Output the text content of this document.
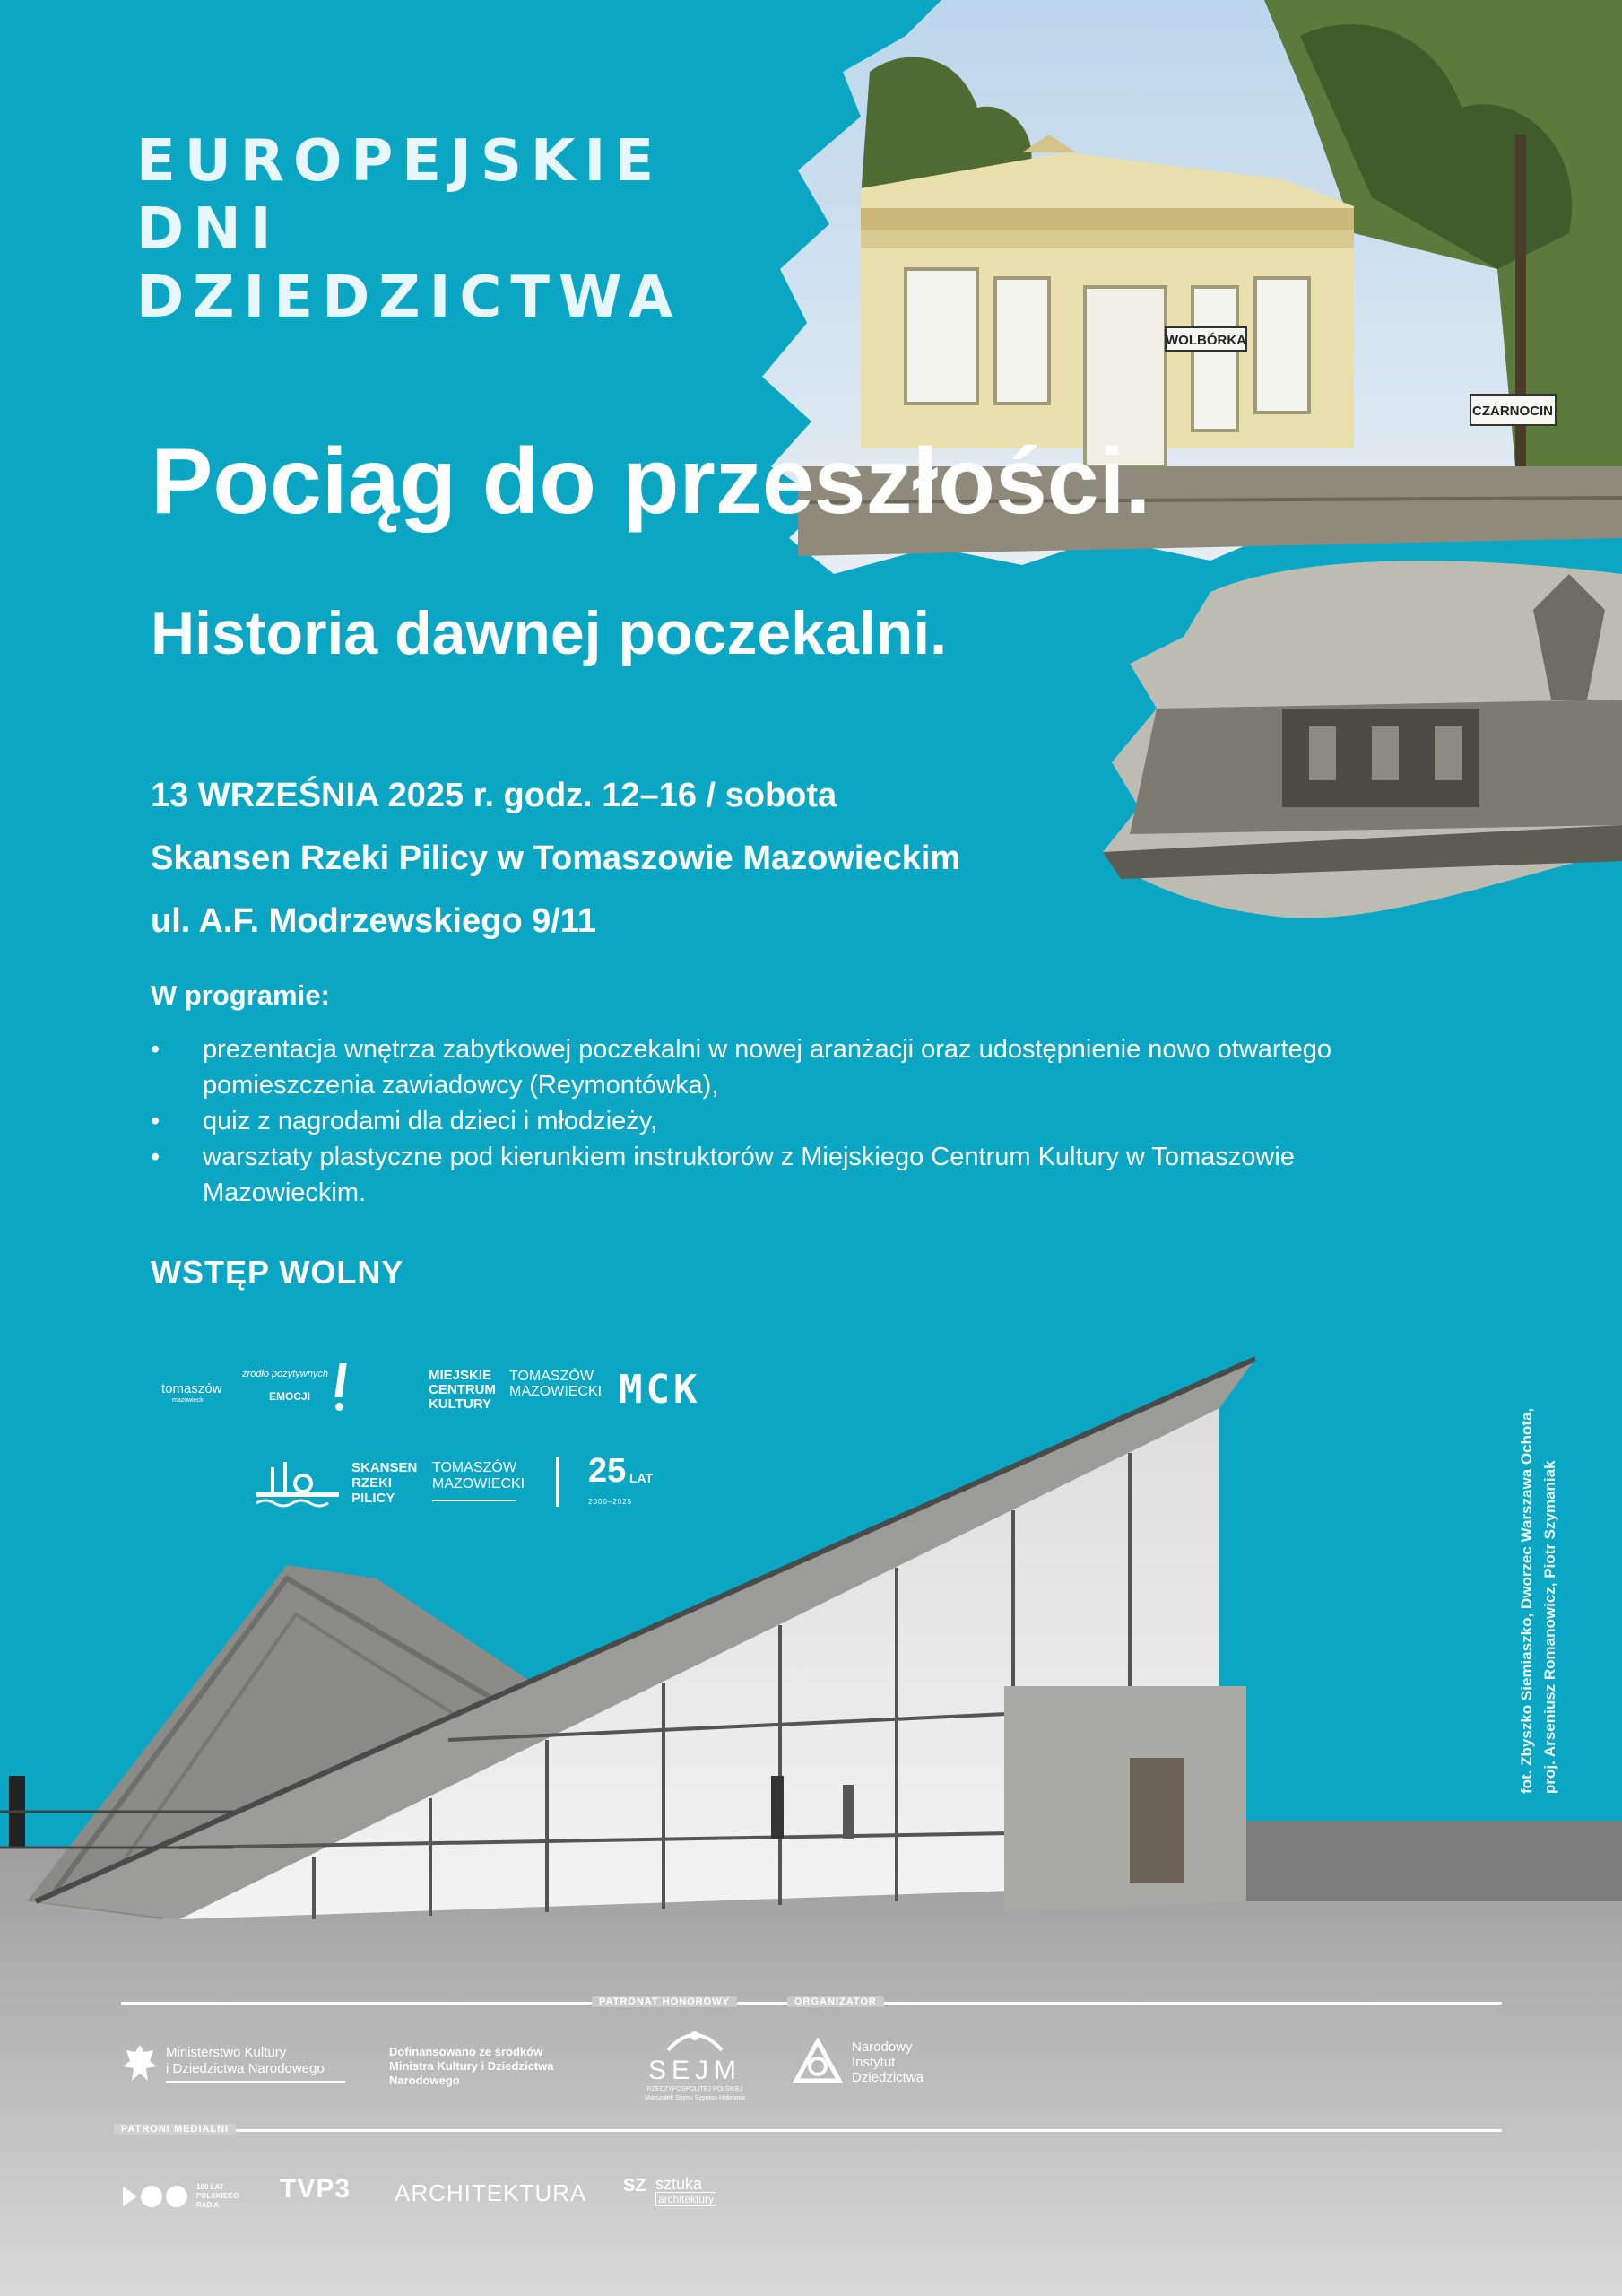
WOLBÓRKA
CZARNOCIN
EUROPEJSKIE
DNI
DZIEDZICTWA
Pociąg do przeszłości.
Historia dawnej poczekalni.
13 WRZEŚNIA 2025 r. godz. 12–16 / sobota
Skansen Rzeki Pilicy w Tomaszowie Mazowieckim
ul. A.F. Modrzewskiego 9/11
W programie:
• prezentacja wnętrza zabytkowej poczekalni w nowej aranżacji oraz udostępnienie nowo otwartego pomieszczenia zawiadowcy (Reymontówka),
• quiz z nagrodami dla dzieci i młodzieży,
• warsztaty plastyczne pod kierunkiem instruktorów z Miejskiego Centrum Kultury w Tomaszowie Mazowieckim.
WSTĘP WOLNY
tomaszów
mazowiecki
źródło pozytywnych
EMOCJI
MIEJSKIE
CENTRUM
KULTURY
TOMASZÓW
MAZOWIECKI MCK
SKANSEN
RZEKI
PILICY
TOMASZÓW
MAZOWIECKI 25 LAT
2000–2025	fot. Zbyszko Siemiaszko, Dworzec Warszawa Ochota, proj. Arseniusz Romanowicz, Piotr Szymaniak
PATRONAT HONOROWY	ORGANIZATOR
Ministerstwo Kultury
i Dziedzictwa Narodowego
Dofinansowano ze środków
Ministra Kultury i Dziedzictwa
Narodowego	SEJM
RZECZYPOSPOLITEJ POLSKIEJ
Marszałek Sejmu Szymon Hołownia
Narodowy
Instytut
Dziedzictwa
PATRONI MEDIALNI
100 LAT
POLSKIEGO
RADIA
TVP3 ARCHITEKTURA SZ sztuka
architektury
